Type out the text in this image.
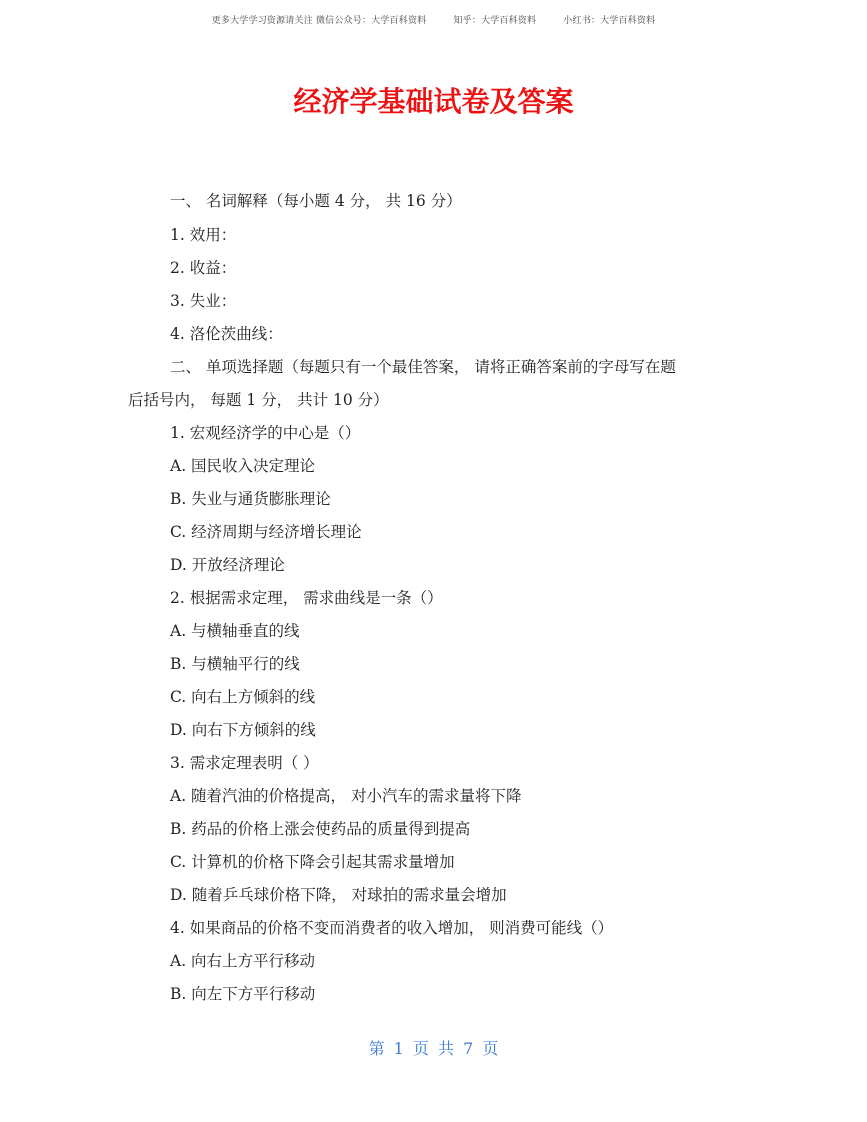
更多大学学习资源请关注 微信公众号：大学百科资料	知乎：大学百科资料	小红书：大学百科资料
经济学基础试卷及答案
一、 名词解释（每小题 4 分， 共 16 分）
1. 效用：
2. 收益：
3. 失业：
4. 洛伦茨曲线：
二、 单项选择题（每题只有一个最佳答案， 请将正确答案前的字母写在题
后括号内， 每题 1 分， 共计 10 分）
1. 宏观经济学的中心是（）
A. 国民收入决定理论
B. 失业与通货膨胀理论
C. 经济周期与经济增长理论
D. 开放经济理论
2. 根据需求定理， 需求曲线是一条（）
A. 与横轴垂直的线
B. 与横轴平行的线
C. 向右上方倾斜的线
D. 向右下方倾斜的线
3. 需求定理表明（ ）
A. 随着汽油的价格提高， 对小汽车的需求量将下降
B. 药品的价格上涨会使药品的质量得到提高
C. 计算机的价格下降会引起其需求量增加
D. 随着乒乓球价格下降， 对球拍的需求量会增加
4. 如果商品的价格不变而消费者的收入增加， 则消费可能线（）
A. 向右上方平行移动
B. 向左下方平行移动
第 1 页 共 7 页
